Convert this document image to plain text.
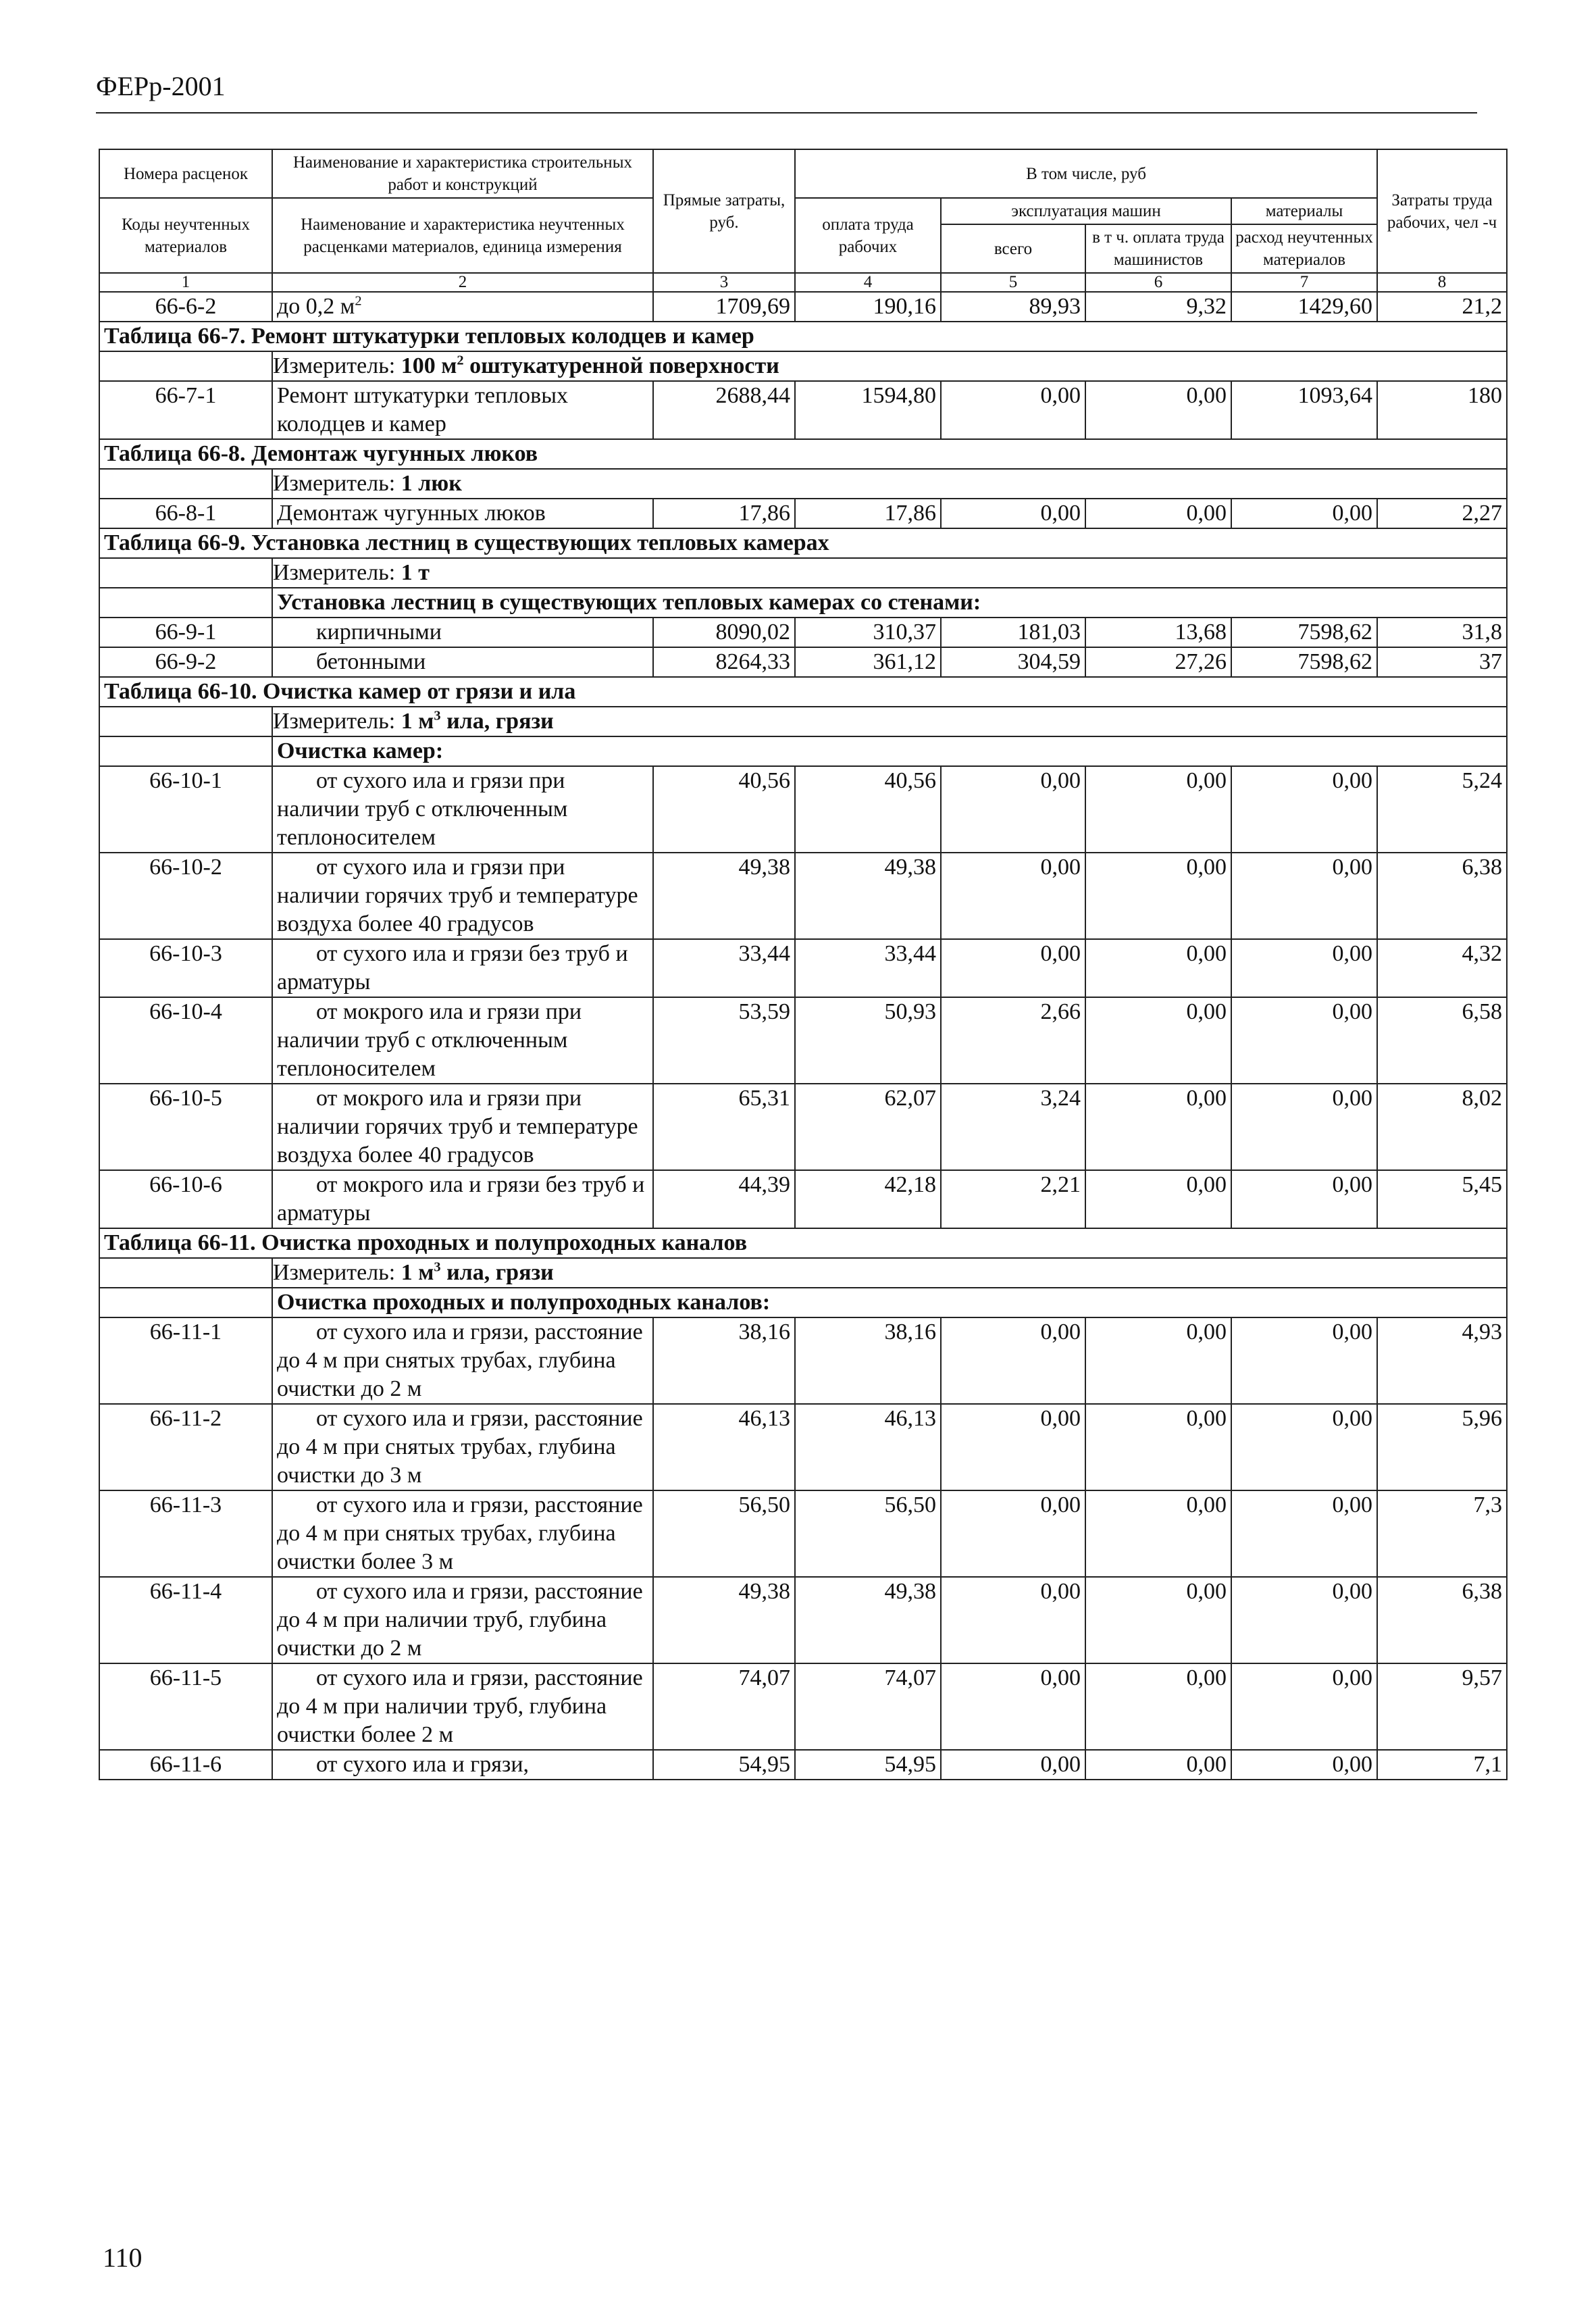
ФЕРр-2001
Номера расценок	Наименование и характеристика строительных работ и конструкций	Прямые затраты, руб.	В том числе, руб				Затраты труда рабочих, чел -ч
Коды неучтенных материалов	Наименование и характеристика неучтенных расценками материалов, единица измерения		оплата труда рабочих	эксплуатация машин		материалы	
				всего	в т ч. оплата труда машинистов	расход неучтенных материалов	

1	2	3	4	5	6	7	8
66-6-2	до 0,2 $м^2$	1709,69	190,16	89,93	9,32	1429,60	21,2
Таблица 66-7. Ремонт штукатурки тепловых колодцев и камер							
	Измеритель: 100 $м^2$ оштукатуренной поверхности						
66-7-1	Ремонт штукатурки тепловых колодцев и камер	2688,44	1594,80	0,00	0,00	1093,64	180
Таблица 66-8. Демонтаж чугунных люков							
	Измеритель: 1 люк						
66-8-1	Демонтаж чугунных люков	17,86	17,86	0,00	0,00	0,00	2,27
Таблица 66-9. Установка лестниц в существующих тепловых камерах							
	Измеритель: 1 т						
	Установка лестниц в существующих тепловых камерах со стенами:						
66-9-1	кирпичными	8090,02	310,37	181,03	13,68	7598,62	31,8
66-9-2	бетонными	8264,33	361,12	304,59	27,26	7598,62	37
Таблица 66-10. Очистка камер от грязи и ила							
	Измеритель: 1 $м^3$ ила, грязи						
	Очистка камер:						
66-10-1	от сухого ила и грязи при наличии труб с отключенным теплоносителем	40,56	40,56	0,00	0,00	0,00	5,24
66-10-2	от сухого ила и грязи при наличии горячих труб и температуре воздуха более 40 градусов	49,38	49,38	0,00	0,00	0,00	6,38
66-10-3	от сухого ила и грязи без труб и арматуры	33,44	33,44	0,00	0,00	0,00	4,32
66-10-4	от мокрого ила и грязи при наличии труб с отключенным теплоносителем	53,59	50,93	2,66	0,00	0,00	6,58
66-10-5	от мокрого ила и грязи при наличии горячих труб и температуре воздуха более 40 градусов	65,31	62,07	3,24	0,00	0,00	8,02
66-10-6	от мокрого ила и грязи без труб и арматуры	44,39	42,18	2,21	0,00	0,00	5,45
Таблица 66-11. Очистка проходных и полупроходных каналов							
	Измеритель: 1 $м^3$ ила, грязи						
	Очистка проходных и полупроходных каналов:						
66-11-1	от сухого ила и грязи, расстояние до 4 м при снятых трубах, глубина очистки до 2 м	38,16	38,16	0,00	0,00	0,00	4,93
66-11-2	от сухого ила и грязи, расстояние до 4 м при снятых трубах, глубина очистки до 3 м	46,13	46,13	0,00	0,00	0,00	5,96
66-11-3	от сухого ила и грязи, расстояние до 4 м при снятых трубах, глубина очистки более 3 м	56,50	56,50	0,00	0,00	0,00	7,3
66-11-4	от сухого ила и грязи, расстояние до 4 м при наличии труб, глубина очистки до 2 м	49,38	49,38	0,00	0,00	0,00	6,38
66-11-5	от сухого ила и грязи, расстояние до 4 м при наличии труб, глубина очистки более 2 м	74,07	74,07	0,00	0,00	0,00	9,57
66-11-6	от сухого ила и грязи,	54,95	54,95	0,00	0,00	0,00	7,1
110
